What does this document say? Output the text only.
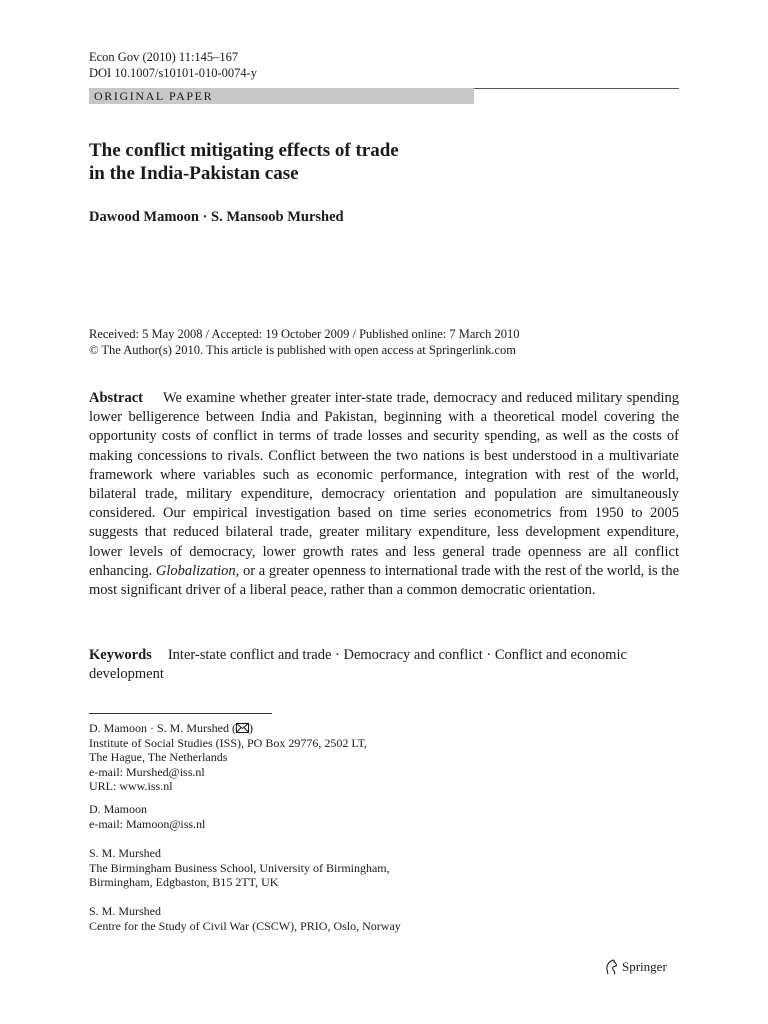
Econ Gov (2010) 11:145–167
DOI 10.1007/s10101-010-0074-y
ORIGINAL PAPER
The conflict mitigating effects of trade
in the India-Pakistan case
Dawood Mamoon · S. Mansoob Murshed
Received: 5 May 2008 / Accepted: 19 October 2009 / Published online: 7 March 2010
© The Author(s) 2010. This article is published with open access at Springerlink.com
Abstract We examine whether greater inter-state trade, democracy and reduced military spending lower belligerence between India and Pakistan, beginning with a theoretical model covering the opportunity costs of conflict in terms of trade losses and security spending, as well as the costs of making concessions to rivals. Conflict between the two nations is best understood in a multivariate framework where variables such as economic performance, integration with rest of the world, bilateral trade, military expenditure, democracy orientation and population are simultaneously considered. Our empirical investigation based on time series econometrics from 1950 to 2005 suggests that reduced bilateral trade, greater military expenditure, less development expenditure, lower levels of democracy, lower growth rates and less general trade openness are all conflict enhancing. Globalization, or a greater openness to international trade with the rest of the world, is the most significant driver of a liberal peace, rather than a common democratic orientation.
Keywords Inter-state conflict and trade · Democracy and conflict · Conflict and economic development
D. Mamoon · S. M. Murshed ( )
Institute of Social Studies (ISS), PO Box 29776, 2502 LT,
The Hague, The Netherlands
e-mail: Murshed@iss.nl
URL: www.iss.nl
D. Mamoon
e-mail: Mamoon@iss.nl
S. M. Murshed
The Birmingham Business School, University of Birmingham,
Birmingham, Edgbaston, B15 2TT, UK
S. M. Murshed
Centre for the Study of Civil War (CSCW), PRIO, Oslo, Norway
Springer
